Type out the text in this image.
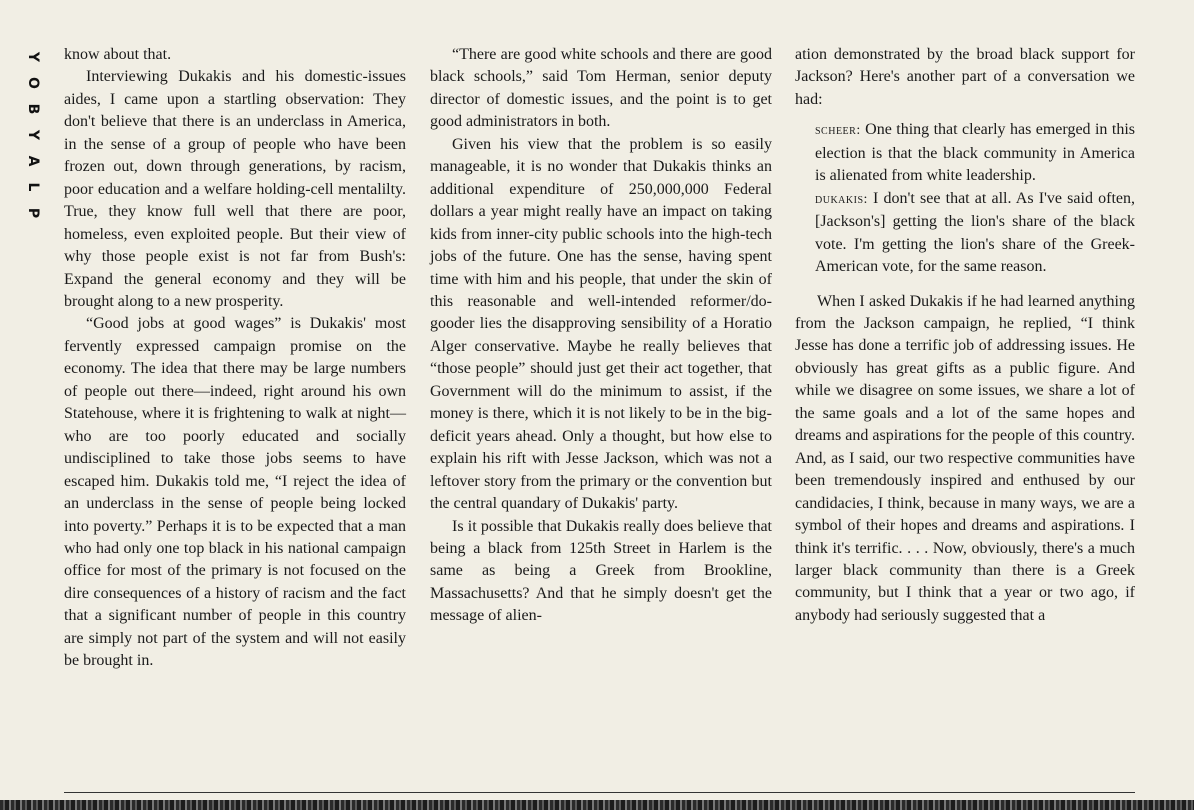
Y
O
B
Y
A
L
P

know about that.

Interviewing Dukakis and his domestic-issues aides, I came upon a startling observation: They don't believe that there is an underclass in America, in the sense of a group of people who have been frozen out, down through generations, by racism, poor education and a welfare holding-cell mentalilty. True, they know full well that there are poor, homeless, even exploited people. But their view of why those people exist is not far from Bush's: Expand the general economy and they will be brought along to a new prosperity.

“Good jobs at good wages” is Dukakis' most fervently expressed campaign promise on the economy. The idea that there may be large numbers of people out there—indeed, right around his own Statehouse, where it is frightening to walk at night—who are too poorly educated and socially undisciplined to take those jobs seems to have escaped him. Dukakis told me, “I reject the idea of an underclass in the sense of people being locked into poverty.” Perhaps it is to be expected that a man who had only one top black in his national campaign office for most of the primary is not focused on the dire consequences of a history of racism and the fact that a significant number of people in this country are simply not part of the system and will not easily be brought in.

“There are good white schools and there are good black schools,” said Tom Herman, senior deputy director of domestic issues, and the point is to get good administrators in both.

Given his view that the problem is so easily manageable, it is no wonder that Dukakis thinks an additional expenditure of 250,000,000 Federal dollars a year might really have an impact on taking kids from inner-city public schools into the high-tech jobs of the future. One has the sense, having spent time with him and his people, that under the skin of this reasonable and well-intended reformer/do-gooder lies the disapproving sensibility of a Horatio Alger conservative. Maybe he really believes that “those people” should just get their act together, that Government will do the minimum to assist, if the money is there, which it is not likely to be in the big-deficit years ahead. Only a thought, but how else to explain his rift with Jesse Jackson, which was not a leftover story from the primary or the convention but the central quandary of Dukakis' party.

Is it possible that Dukakis really does believe that being a black from 125th Street in Harlem is the same as being a Greek from Brookline, Massachusetts? And that he simply doesn't get the message of alien-

ation demonstrated by the broad black support for Jackson? Here's another part of a conversation we had:

scheer: One thing that clearly has emerged in this election is that the black community in America is alienated from white leadership.

dukakis: I don't see that at all. As I've said often, [Jackson's] getting the lion's share of the black vote. I'm getting the lion's share of the Greek-American vote, for the same reason.

When I asked Dukakis if he had learned anything from the Jackson campaign, he replied, “I think Jesse has done a terrific job of addressing issues. He obviously has great gifts as a public figure. And while we disagree on some issues, we share a lot of the same goals and a lot of the same hopes and dreams and aspirations for the people of this country. And, as I said, our two respective communities have been tremendously inspired and enthused by our candidacies, I think, because in many ways, we are a symbol of their hopes and dreams and aspirations. I think it's terrific. . . . Now, obviously, there's a much larger black community than there is a Greek community, but I think that a year or two ago, if anybody had seriously suggested that a
